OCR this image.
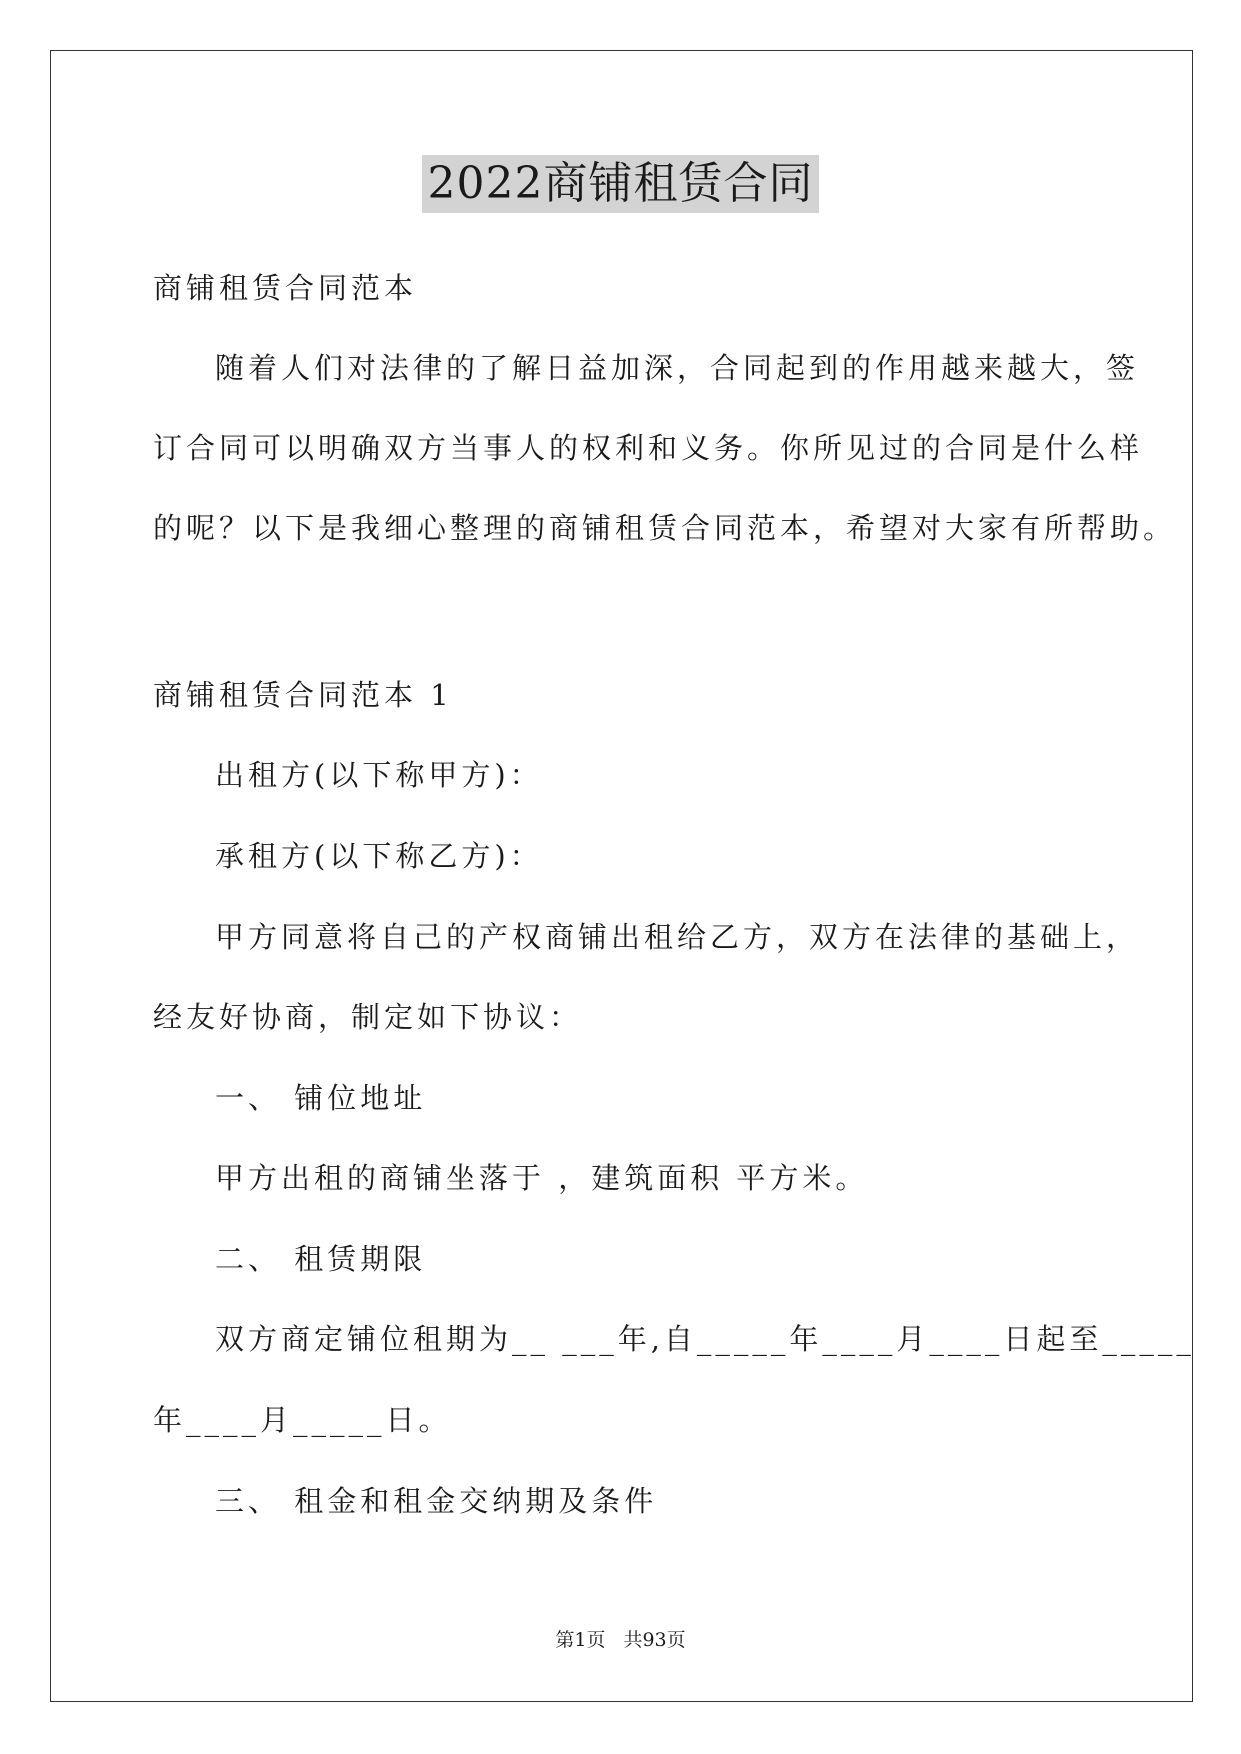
2022商铺租赁合同
商铺租赁合同范本
随着人们对法律的了解日益加深，合同起到的作用越来越大，签
订合同可以明确双方当事人的权利和义务。你所见过的合同是什么样
的呢？以下是我细心整理的商铺租赁合同范本，希望对大家有所帮助。
商铺租赁合同范本 1
出租方(以下称甲方)：
承租方(以下称乙方)：
甲方同意将自己的产权商铺出租给乙方，双方在法律的基础上，
经友好协商，制定如下协议：
一、 铺位地址
甲方出租的商铺坐落于 ，建筑面积 平方米。
二、 租赁期限
双方商定铺位租期为__ ___年,自_____年____月____日起至_____
年____月_____日。
三、 租金和租金交纳期及条件
第1页 共93页
